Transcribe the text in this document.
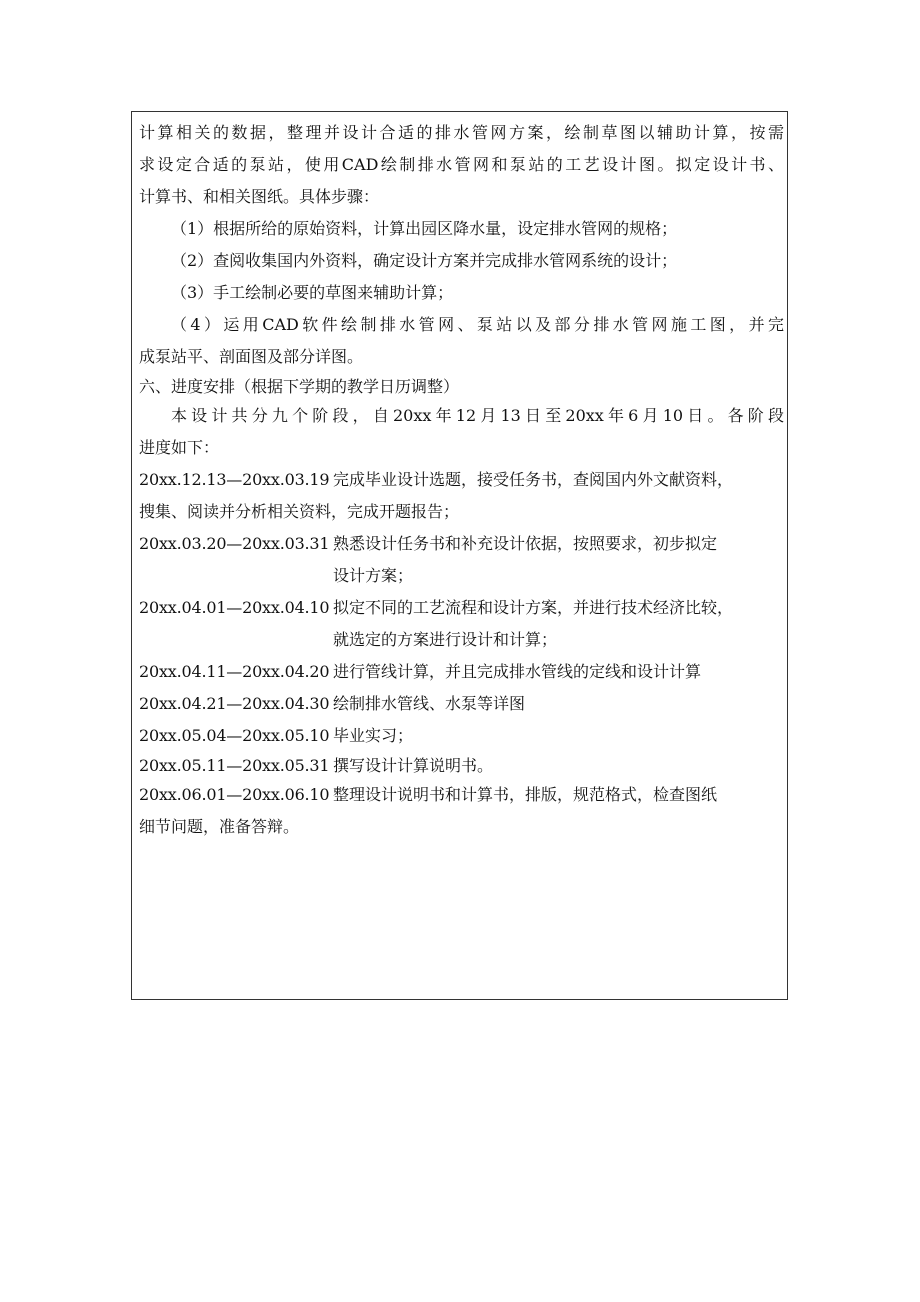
计算相关的数据，整理并设计合适的排水管网方案，绘制草图以辅助计算，按需
求设定合适的泵站，使用CAD绘制排水管网和泵站的工艺设计图。拟定设计书、
计算书、和相关图纸。具体步骤：
（1）根据所给的原始资料，计算出园区降水量，设定排水管网的规格；
（2）查阅收集国内外资料，确定设计方案并完成排水管网系统的设计；
（3）手工绘制必要的草图来辅助计算；
（4）运用CAD软件绘制排水管网、泵站以及部分排水管网施工图，并完
成泵站平、剖面图及部分详图。
六、进度安排（根据下学期的教学日历调整）
本设计共分九个阶段，自20xx年12月13日至20xx年6月10日。各阶段
进度如下：
20xx.12.13—20xx.03.19 完成毕业设计选题，接受任务书，查阅国内外文献资料，
搜集、阅读并分析相关资料，完成开题报告；
20xx.03.20—20xx.03.31 熟悉设计任务书和补充设计依据，按照要求，初步拟定
设计方案；
20xx.04.01—20xx.04.10 拟定不同的工艺流程和设计方案，并进行技术经济比较，
就选定的方案进行设计和计算；
20xx.04.11—20xx.04.20 进行管线计算，并且完成排水管线的定线和设计计算
20xx.04.21—20xx.04.30 绘制排水管线、水泵等详图
20xx.05.04—20xx.05.10 毕业实习；
20xx.05.11—20xx.05.31 撰写设计计算说明书。
20xx.06.01—20xx.06.10 整理设计说明书和计算书，排版，规范格式，检查图纸
细节问题，准备答辩。
